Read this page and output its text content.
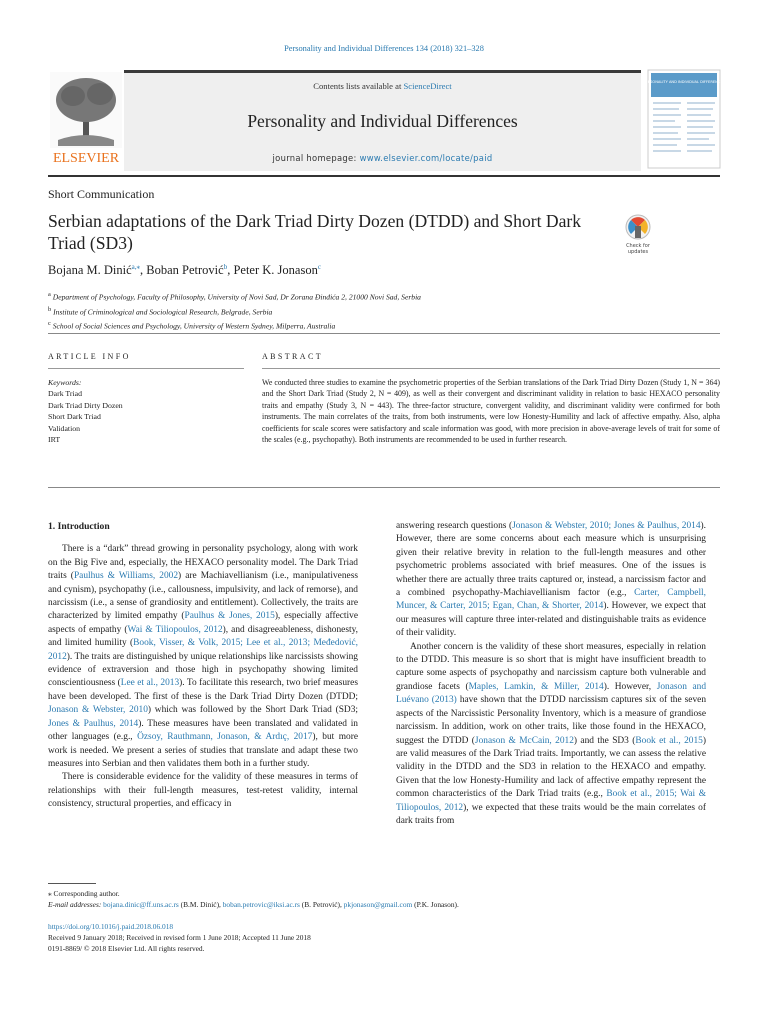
Personality and Individual Differences 134 (2018) 321–328
ELSEVIER
Contents lists available at ScienceDirect
Personality and Individual Differences
journal homepage: www.elsevier.com/locate/paid
PERSONALITY AND INDIVIDUAL DIFFERENCES
Short Communication
Serbian adaptations of the Dark Triad Dirty Dozen (DTDD) and Short Dark
Triad (SD3)	Check for
updates
Bojana M. Dinić$^{a,⁎}$, Boban Petrović$^b$, Peter K. Jonason$^c$
$^a$ Department of Psychology, Faculty of Philosophy, University of Novi Sad, Dr Zorana Đinđića 2, 21000 Novi Sad, Serbia
$^b$ Institute of Criminological and Sociological Research, Belgrade, Serbia
$^c$ School of Social Sciences and Psychology, University of Western Sydney, Milperra, Australia
ARTICLE INFO	ABSTRACT
Keywords:
Dark Triad
Dark Triad Dirty Dozen
Short Dark Triad
Validation
IRT
We conducted three studies to examine the psychometric properties of the Serbian translations of the Dark Triad Dirty Dozen (Study 1, N = 364) and the Short Dark Triad (Study 2, N = 409), as well as their convergent and discriminant validity in relation to basic HEXACO personality traits and empathy (Study 3, N = 443). The three-factor structure, convergent validity, and discriminant validity were confirmed for both instruments. The main correlates of the traits, from both instruments, were low Honesty-Humility and lack of affective empathy. Also, alpha coefficients for scale scores were satisfactory and scale information was good, with more precision in above-average levels of trait for some of the scales (e.g., psychopathy). Both instruments are recommended to be used in further research.
1. Introduction

There is a “dark” thread growing in personality psychology, along with work on the Big Five and, especially, the HEXACO personality model. The Dark Triad traits (Paulhus & Williams, 2002) are Machiavellianism (i.e., manipulativeness and cynism), psychopathy (i.e., callousness, impulsivity, and lack of remorse), and narcissism (i.e., a sense of grandiosity and entitlement). Collectively, the traits are characterized by limited empathy (Paulhus & Jones, 2015), especially affective aspects of empathy (Wai & Tiliopoulos, 2012), and disagreeableness, dishonesty, and limited humility (Book, Visser, & Volk, 2015; Lee et al., 2013; Međedović, 2012). The traits are distinguished by unique relationships like narcissists showing evidence of extraversion and those high in psychopathy showing limited conscientiousness (Lee et al., 2013). To facilitate this research, two brief measures have been developed. The first of these is the Dark Triad Dirty Dozen (DTDD; Jonason & Webster, 2010) which was followed by the Short Dark Triad (SD3; Jones & Paulhus, 2014). These measures have been translated and validated in other languages (e.g., Özsoy, Rauthmann, Jonason, & Ardıç, 2017), but more work is needed. We present a series of studies that translate and adapt these two measures into Serbian and then validates them both in a further study.

There is considerable evidence for the validity of these measures in terms of relationships with their full-length measures, test-retest validity, internal consistency, structural properties, and efficacy in

answering research questions (Jonason & Webster, 2010; Jones & Paulhus, 2014). However, there are some concerns about each measure which is unsurprising given their relative brevity in relation to the full-length measures and other psychometric problems associated with brief measures. One of the issues is whether there are actually three traits captured or, instead, a narcissism factor and a combined psychopathy-Machiavellianism factor (e.g., Carter, Campbell, Muncer, & Carter, 2015; Egan, Chan, & Shorter, 2014). However, we expect that our measures will capture three inter-related and distinguishable traits as evidence of their validity.

Another concern is the validity of these short measures, especially in relation to the DTDD. This measure is so short that is might have insufficient breadth to capture some aspects of psychopathy and narcissism capture both vulnerable and grandiose facets (Maples, Lamkin, & Miller, 2014). However, Jonason and Luévano (2013) have shown that the DTDD narcissism captures six of the seven aspects of the Narcissistic Personality Inventory, which is a measure of grandiose narcissism. In addition, work on other traits, like those found in the HEXACO, suggest the DTDD (Jonason & McCain, 2012) and the SD3 (Book et al., 2015) are valid measures of the Dark Triad traits. Importantly, we can assess the relative validity in the DTDD and the SD3 in relation to the HEXACO and empathy. Given that the low Honesty-Humility and lack of affective empathy represent the common characteristics of the Dark Triad traits (e.g., Book et al., 2015; Wai & Tiliopoulos, 2012), we expected that these traits would be the main correlates of dark traits from

⁎ Corresponding author.
E-mail addresses: bojana.dinic@ff.uns.ac.rs (B.M. Dinić), boban.petrovic@iksi.ac.rs (B. Petrović), pkjonason@gmail.com (P.K. Jonason).
https://doi.org/10.1016/j.paid.2018.06.018
Received 9 January 2018; Received in revised form 1 June 2018; Accepted 11 June 2018
0191-8869/ © 2018 Elsevier Ltd. All rights reserved.
